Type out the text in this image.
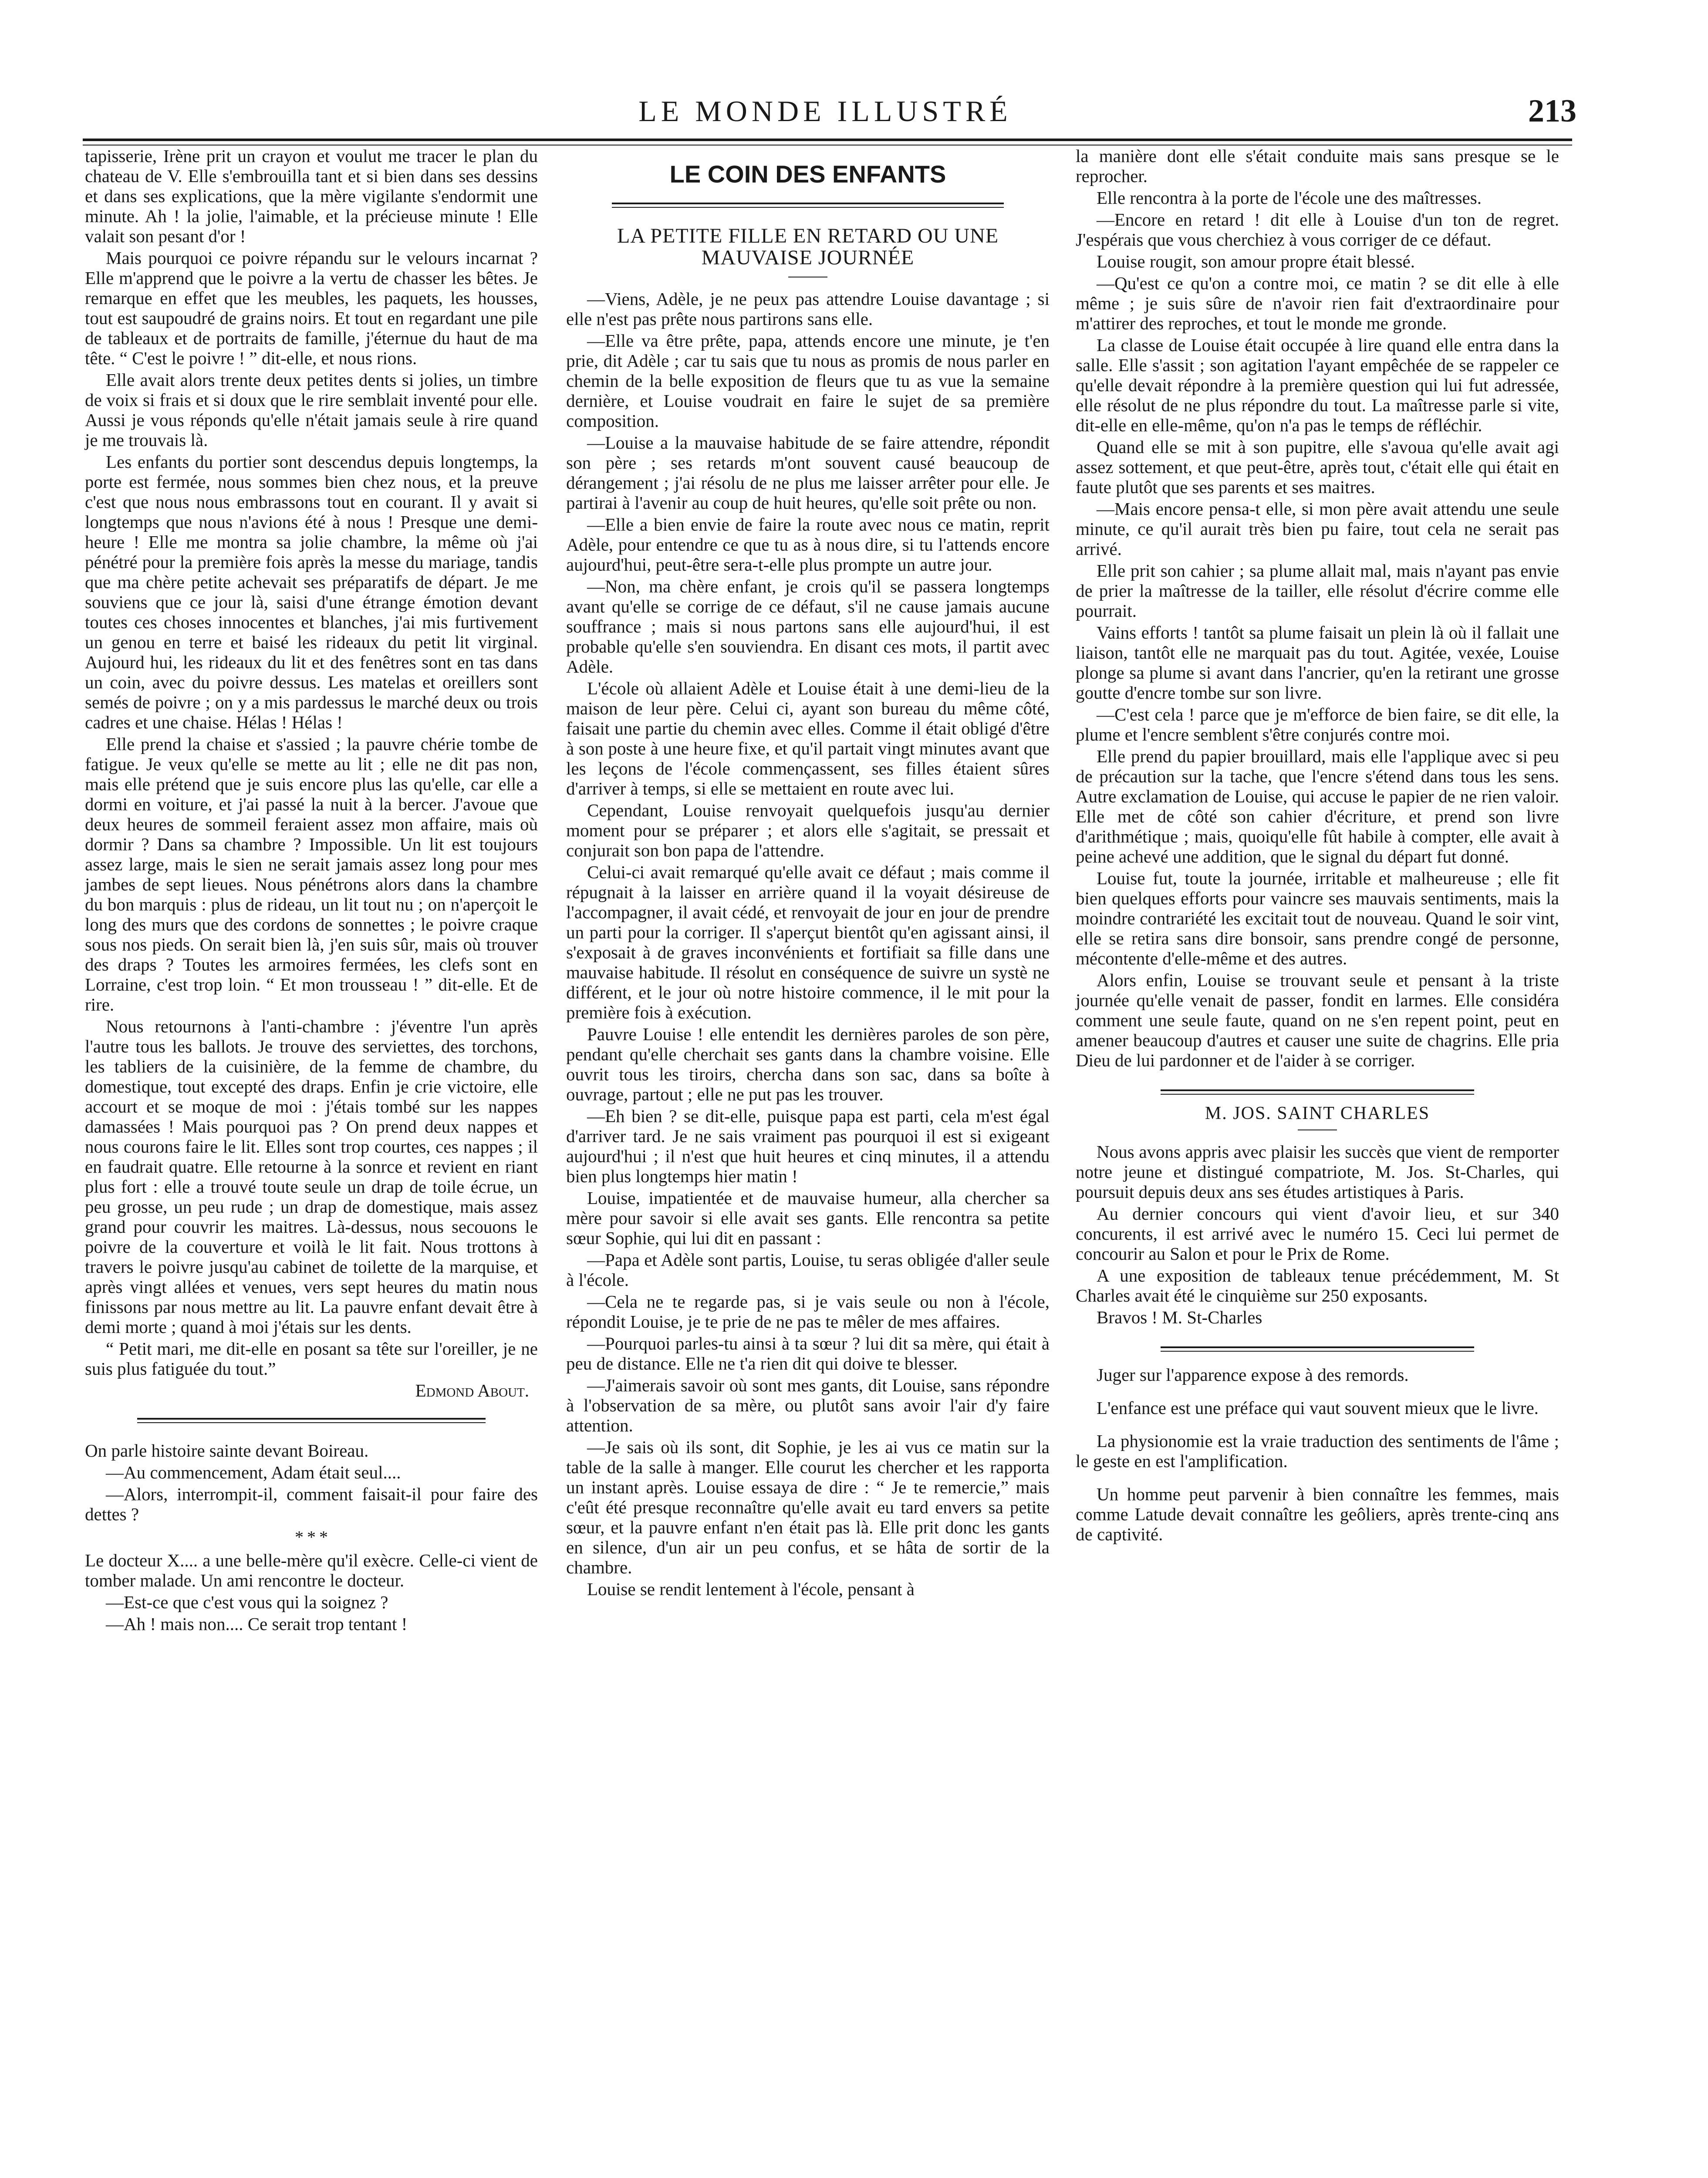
LE MONDE ILLUSTRÉ	213

tapisserie, Irène prit un crayon et voulut me tracer le plan du chateau de V. Elle s'embrouilla tant et si bien dans ses dessins et dans ses explications, que la mère vigilante s'endormit une minute. Ah ! la jolie, l'aimable, et la précieuse minute ! Elle valait son pesant d'or !

Mais pourquoi ce poivre répandu sur le velours incarnat ? Elle m'apprend que le poivre a la vertu de chasser les bêtes. Je remarque en effet que les meubles, les paquets, les housses, tout est saupoudré de grains noirs. Et tout en regardant une pile de tableaux et de portraits de famille, j'éternue du haut de ma tête. “ C'est le poivre ! ” dit-elle, et nous rions.

Elle avait alors trente deux petites dents si jolies, un timbre de voix si frais et si doux que le rire semblait inventé pour elle. Aussi je vous réponds qu'elle n'était jamais seule à rire quand je me trouvais là.

Les enfants du portier sont descendus depuis longtemps, la porte est fermée, nous sommes bien chez nous, et la preuve c'est que nous nous embrassons tout en courant. Il y avait si longtemps que nous n'avions été à nous ! Presque une demi-heure ! Elle me montra sa jolie chambre, la même où j'ai pénétré pour la première fois après la messe du mariage, tandis que ma chère petite achevait ses préparatifs de départ. Je me souviens que ce jour là, saisi d'une étrange émotion devant toutes ces choses innocentes et blanches, j'ai mis furtivement un genou en terre et baisé les rideaux du petit lit virginal. Aujourd hui, les rideaux du lit et des fenêtres sont en tas dans un coin, avec du poivre dessus. Les matelas et oreillers sont semés de poivre ; on y a mis pardessus le marché deux ou trois cadres et une chaise. Hélas ! Hélas !

Elle prend la chaise et s'assied ; la pauvre chérie tombe de fatigue. Je veux qu'elle se mette au lit ; elle ne dit pas non, mais elle prétend que je suis encore plus las qu'elle, car elle a dormi en voiture, et j'ai passé la nuit à la bercer. J'avoue que deux heures de sommeil feraient assez mon affaire, mais où dormir ? Dans sa chambre ? Impossible. Un lit est toujours assez large, mais le sien ne serait jamais assez long pour mes jambes de sept lieues. Nous pénétrons alors dans la chambre du bon marquis : plus de rideau, un lit tout nu ; on n'aperçoit le long des murs que des cordons de sonnettes ; le poivre craque sous nos pieds. On serait bien là, j'en suis sûr, mais où trouver des draps ? Toutes les armoires fermées, les clefs sont en Lorraine, c'est trop loin. “ Et mon trousseau ! ” dit-elle. Et de rire.

Nous retournons à l'anti-chambre : j'éventre l'un après l'autre tous les ballots. Je trouve des serviettes, des torchons, les tabliers de la cuisinière, de la femme de chambre, du domestique, tout excepté des draps. Enfin je crie victoire, elle accourt et se moque de moi : j'étais tombé sur les nappes damassées ! Mais pourquoi pas ? On prend deux nappes et nous courons faire le lit. Elles sont trop courtes, ces nappes ; il en faudrait quatre. Elle retourne à la sonrce et revient en riant plus fort : elle a trouvé toute seule un drap de toile écrue, un peu grosse, un peu rude ; un drap de domestique, mais assez grand pour couvrir les maitres. Là-dessus, nous secouons le poivre de la couverture et voilà le lit fait. Nous trottons à travers le poivre jusqu'au cabinet de toilette de la marquise, et après vingt allées et venues, vers sept heures du matin nous finissons par nous mettre au lit. La pauvre enfant devait être à demi morte ; quand à moi j'étais sur les dents.

“ Petit mari, me dit-elle en posant sa tête sur l'oreiller, je ne suis plus fatiguée du tout.”

Edmond About.

On parle histoire sainte devant Boireau.

—Au commencement, Adam était seul....

—Alors, interrompit-il, comment faisait-il pour faire des dettes ?

* * *

Le docteur X.... a une belle-mère qu'il exècre. Celle-ci vient de tomber malade. Un ami rencontre le docteur.

—Est-ce que c'est vous qui la soignez ?

—Ah ! mais non.... Ce serait trop tentant !

LE COIN DES ENFANTS
LA PETITE FILLE EN RETARD OU UNE MAUVAISE JOURNÉE

—Viens, Adèle, je ne peux pas attendre Louise davantage ; si elle n'est pas prête nous partirons sans elle.

—Elle va être prête, papa, attends encore une minute, je t'en prie, dit Adèle ; car tu sais que tu nous as promis de nous parler en chemin de la belle exposition de fleurs que tu as vue la semaine dernière, et Louise voudrait en faire le sujet de sa première composition.

—Louise a la mauvaise habitude de se faire attendre, répondit son père ; ses retards m'ont souvent causé beaucoup de dérangement ; j'ai résolu de ne plus me laisser arrêter pour elle. Je partirai à l'avenir au coup de huit heures, qu'elle soit prête ou non.

—Elle a bien envie de faire la route avec nous ce matin, reprit Adèle, pour entendre ce que tu as à nous dire, si tu l'attends encore aujourd'hui, peut-être sera-t-elle plus prompte un autre jour.

—Non, ma chère enfant, je crois qu'il se passera longtemps avant qu'elle se corrige de ce défaut, s'il ne cause jamais aucune souffrance ; mais si nous partons sans elle aujourd'hui, il est probable qu'elle s'en souviendra. En disant ces mots, il partit avec Adèle.

L'école où allaient Adèle et Louise était à une demi-lieu de la maison de leur père. Celui ci, ayant son bureau du même côté, faisait une partie du chemin avec elles. Comme il était obligé d'être à son poste à une heure fixe, et qu'il partait vingt minutes avant que les leçons de l'école commençassent, ses filles étaient sûres d'arriver à temps, si elle se mettaient en route avec lui.

Cependant, Louise renvoyait quelquefois jusqu'au dernier moment pour se préparer ; et alors elle s'agitait, se pressait et conjurait son bon papa de l'attendre.

Celui-ci avait remarqué qu'elle avait ce défaut ; mais comme il répugnait à la laisser en arrière quand il la voyait désireuse de l'accompagner, il avait cédé, et renvoyait de jour en jour de prendre un parti pour la corriger. Il s'aperçut bientôt qu'en agissant ainsi, il s'exposait à de graves inconvénients et fortifiait sa fille dans une mauvaise habitude. Il résolut en conséquence de suivre un systè ne différent, et le jour où notre histoire commence, il le mit pour la première fois à exécution.

Pauvre Louise ! elle entendit les dernières paroles de son père, pendant qu'elle cherchait ses gants dans la chambre voisine. Elle ouvrit tous les tiroirs, chercha dans son sac, dans sa boîte à ouvrage, partout ; elle ne put pas les trouver.

—Eh bien ? se dit-elle, puisque papa est parti, cela m'est égal d'arriver tard. Je ne sais vraiment pas pourquoi il est si exigeant aujourd'hui ; il n'est que huit heures et cinq minutes, il a attendu bien plus longtemps hier matin !

Louise, impatientée et de mauvaise humeur, alla chercher sa mère pour savoir si elle avait ses gants. Elle rencontra sa petite sœur Sophie, qui lui dit en passant :

—Papa et Adèle sont partis, Louise, tu seras obligée d'aller seule à l'école.

—Cela ne te regarde pas, si je vais seule ou non à l'école, répondit Louise, je te prie de ne pas te mêler de mes affaires.

—Pourquoi parles-tu ainsi à ta sœur ? lui dit sa mère, qui était à peu de distance. Elle ne t'a rien dit qui doive te blesser.

—J'aimerais savoir où sont mes gants, dit Louise, sans répondre à l'observation de sa mère, ou plutôt sans avoir l'air d'y faire attention.

—Je sais où ils sont, dit Sophie, je les ai vus ce matin sur la table de la salle à manger. Elle courut les chercher et les rapporta un instant après. Louise essaya de dire : “ Je te remercie,” mais c'eût été presque reconnaître qu'elle avait eu tard envers sa petite sœur, et la pauvre enfant n'en était pas là. Elle prit donc les gants en silence, d'un air un peu confus, et se hâta de sortir de la chambre.

Louise se rendit lentement à l'école, pensant à

la manière dont elle s'était conduite mais sans presque se le reprocher.

Elle rencontra à la porte de l'école une des maîtresses.

—Encore en retard ! dit elle à Louise d'un ton de regret. J'espérais que vous cherchiez à vous corriger de ce défaut.

Louise rougit, son amour propre était blessé.

—Qu'est ce qu'on a contre moi, ce matin ? se dit elle à elle même ; je suis sûre de n'avoir rien fait d'extraordinaire pour m'attirer des reproches, et tout le monde me gronde.

La classe de Louise était occupée à lire quand elle entra dans la salle. Elle s'assit ; son agitation l'ayant empêchée de se rappeler ce qu'elle devait répondre à la première question qui lui fut adressée, elle résolut de ne plus répondre du tout. La maîtresse parle si vite, dit-elle en elle-même, qu'on n'a pas le temps de réfléchir.

Quand elle se mit à son pupitre, elle s'avoua qu'elle avait agi assez sottement, et que peut-être, après tout, c'était elle qui était en faute plutôt que ses parents et ses maitres.

—Mais encore pensa-t elle, si mon père avait attendu une seule minute, ce qu'il aurait très bien pu faire, tout cela ne serait pas arrivé.

Elle prit son cahier ; sa plume allait mal, mais n'ayant pas envie de prier la maîtresse de la tailler, elle résolut d'écrire comme elle pourrait.

Vains efforts ! tantôt sa plume faisait un plein là où il fallait une liaison, tantôt elle ne marquait pas du tout. Agitée, vexée, Louise plonge sa plume si avant dans l'ancrier, qu'en la retirant une grosse goutte d'encre tombe sur son livre.

—C'est cela ! parce que je m'efforce de bien faire, se dit elle, la plume et l'encre semblent s'être conjurés contre moi.

Elle prend du papier brouillard, mais elle l'applique avec si peu de précaution sur la tache, que l'encre s'étend dans tous les sens. Autre exclamation de Louise, qui accuse le papier de ne rien valoir. Elle met de côté son cahier d'écriture, et prend son livre d'arithmétique ; mais, quoiqu'elle fût habile à compter, elle avait à peine achevé une addition, que le signal du départ fut donné.

Louise fut, toute la journée, irritable et malheureuse ; elle fit bien quelques efforts pour vaincre ses mauvais sentiments, mais la moindre contrariété les excitait tout de nouveau. Quand le soir vint, elle se retira sans dire bonsoir, sans prendre congé de personne, mécontente d'elle-même et des autres.

Alors enfin, Louise se trouvant seule et pensant à la triste journée qu'elle venait de passer, fondit en larmes. Elle considéra comment une seule faute, quand on ne s'en repent point, peut en amener beaucoup d'autres et causer une suite de chagrins. Elle pria Dieu de lui pardonner et de l'aider à se corriger.

M. JOS. SAINT CHARLES

Nous avons appris avec plaisir les succès que vient de remporter notre jeune et distingué compatriote, M. Jos. St-Charles, qui poursuit depuis deux ans ses études artistiques à Paris.

Au dernier concours qui vient d'avoir lieu, et sur 340 concurents, il est arrivé avec le numéro 15. Ceci lui permet de concourir au Salon et pour le Prix de Rome.

A une exposition de tableaux tenue précédemment, M. St Charles avait été le cinquième sur 250 exposants.

Bravos ! M. St-Charles

Juger sur l'apparence expose à des remords.

L'enfance est une préface qui vaut souvent mieux que le livre.

La physionomie est la vraie traduction des sentiments de l'âme ; le geste en est l'amplification.

Un homme peut parvenir à bien connaître les femmes, mais comme Latude devait connaître les geôliers, après trente-cinq ans de captivité.
